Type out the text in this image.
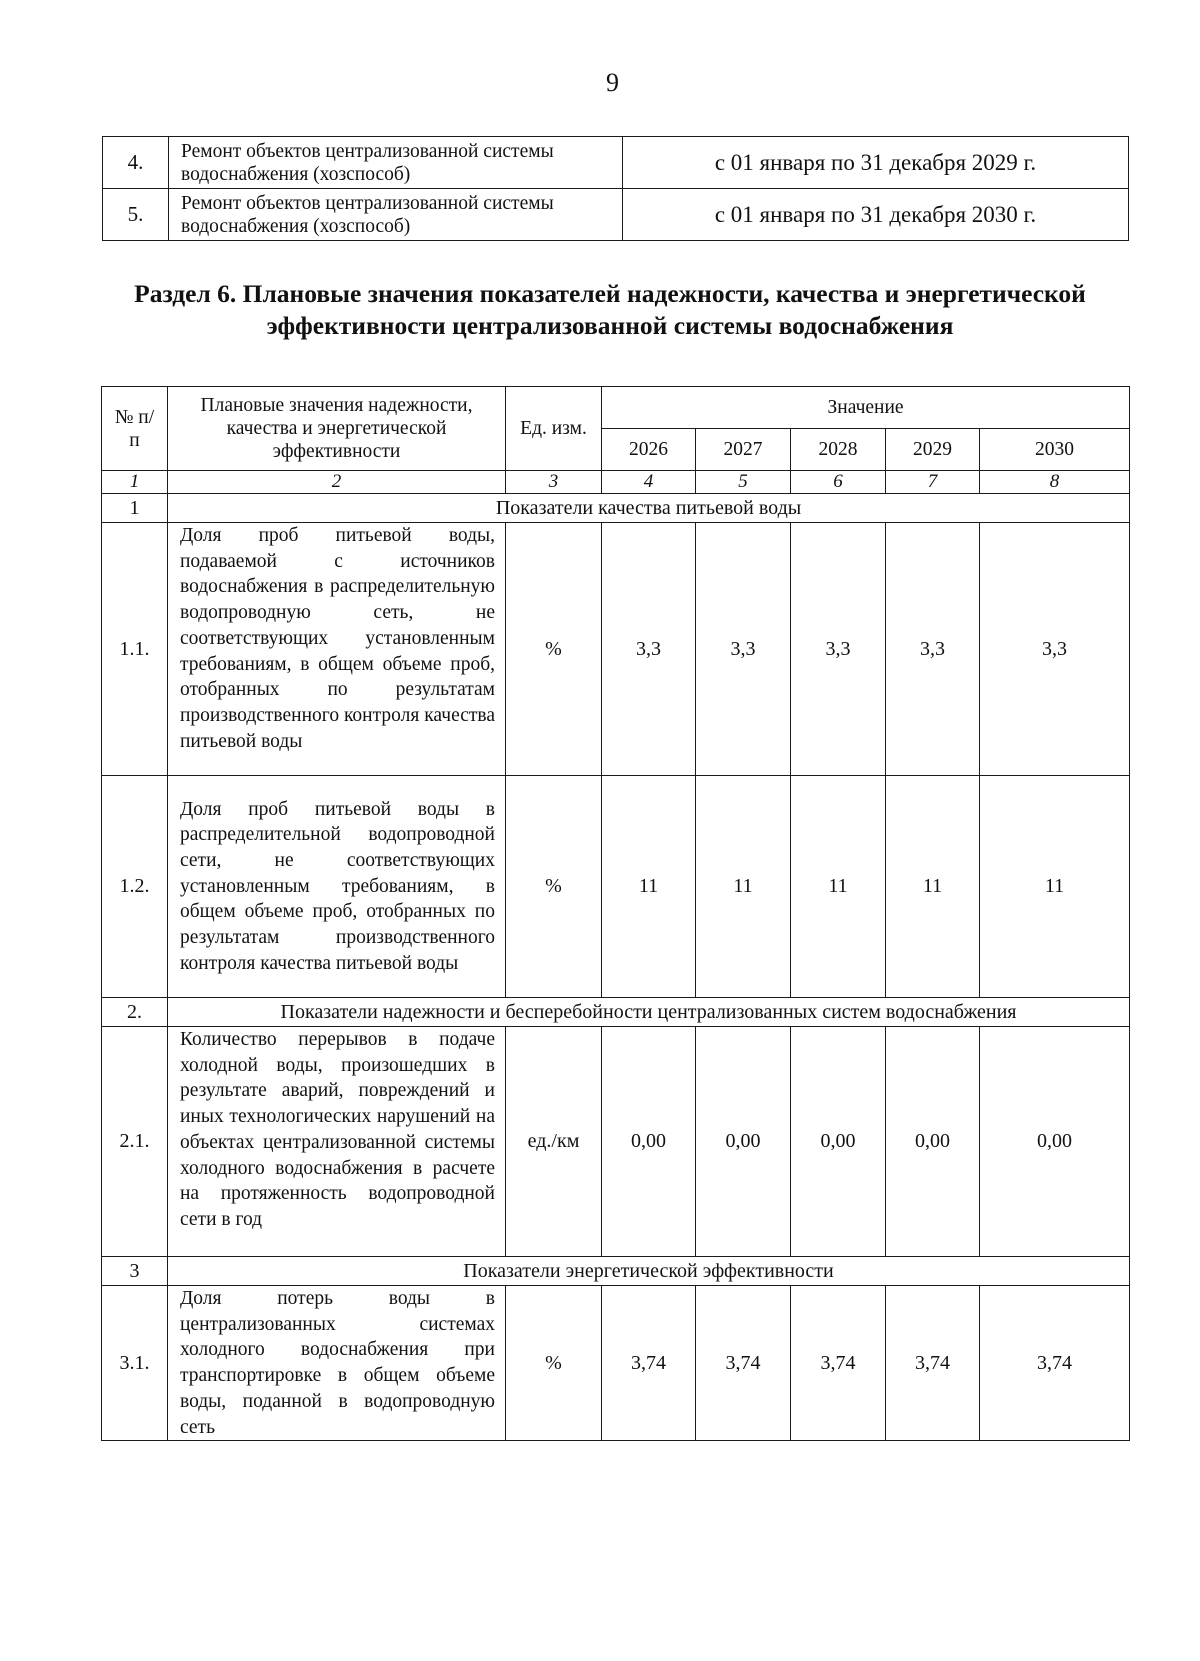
9
4.	Ремонт объектов централизованной системы водоснабжения (хозспособ)	с 01 января по 31 декабря 2029 г.
5.	Ремонт объектов централизованной системы водоснабжения (хозспособ)	с 01 января по 31 декабря 2030 г.
Раздел 6. Плановые значения показателей надежности, качества и энергетической эффективности централизованной системы водоснабжения
№ п/п	Плановые значения надежности, качества и энергетической эффективности	Ед. изм.	Значение				
			2026	2027	2028	2029	2030
1	2	3	4	5	6	7	8
1	Показатели качества питьевой воды						
1.1.	Доля проб питьевой воды, подаваемой с источников водоснабжения в распределительную водопроводную сеть, не соответствующих установленным требованиям, в общем объеме проб, отобранных по результатам производственного контроля качества питьевой воды	%	3,3	3,3	3,3	3,3	3,3
1.2.	Доля проб питьевой воды в распределительной водопроводной сети, не соответствующих установленным требованиям, в общем объеме проб, отобранных по результатам производственного контроля качества питьевой воды	%	11	11	11	11	11
2.	Показатели надежности и бесперебойности централизованных систем водоснабжения						
2.1.	Количество перерывов в подаче холодной воды, произошедших в результате аварий, повреждений и иных технологических нарушений на объектах централизованной системы холодного водоснабжения в расчете на протяженность водопроводной сети в год	ед./км	0,00	0,00	0,00	0,00	0,00
3	Показатели энергетической эффективности						
3.1.	Доля потерь воды в централизованных системах холодного водоснабжения при транспортировке в общем объеме воды, поданной в водопроводную сеть	%	3,74	3,74	3,74	3,74	3,74
